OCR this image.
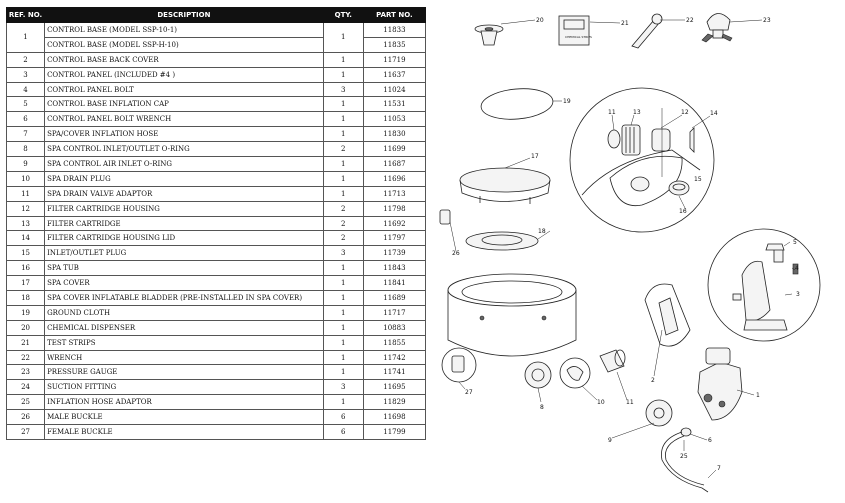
REF. NO.	DESCRIPTION	QTY.	PART NO.
1	CONTROL BASE (MODEL SSP-10-1)	1	11833
	CONTROL BASE (MODEL SSP-H-10)		11835
2	CONTROL BASE BACK COVER	1	11719
3	CONTROL PANEL (INCLUDED #4 )	1	11637
4	CONTROL PANEL BOLT	3	11024
5	CONTROL BASE INFLATION CAP	1	11531
6	CONTROL PANEL BOLT WRENCH	1	11053
7	SPA/COVER INFLATION HOSE	1	11830
8	SPA CONTROL INLET/OUTLET O-RING	2	11699
9	SPA CONTROL AIR INLET O-RING	1	11687
10	SPA DRAIN PLUG	1	11696
11	SPA DRAIN VALVE ADAPTOR	1	11713
12	FILTER CARTRIDGE HOUSING	2	11798
13	FILTER CARTRIDGE	2	11692
14	FILTER CARTRIDGE HOUSING LID	2	11797
15	INLET/OUTLET PLUG	3	11739
16	SPA TUB	1	11843
17	SPA COVER	1	11841
18	SPA COVER INFLATABLE BLADDER (PRE-INSTALLED IN SPA COVER)	1	11689
19	GROUND CLOTH	1	11717
20	CHEMICAL DISPENSER	1	10883
21	TEST STRIPS	1	11855
22	WRENCH	1	11742
23	PRESSURE GAUGE	1	11741
24	SUCTION FITTING	3	11695
25	INFLATION HOSE ADAPTOR	1	11829
26	MALE BUCKLE	6	11698
27	FEMALE BUCKLE	6	11799
CHEMICAL STRIPS
20	21	22	23
19
11	13	12	14
17
15
16
18
26
5
4
3
2
1
27
8
10	11
9	6
25
7
